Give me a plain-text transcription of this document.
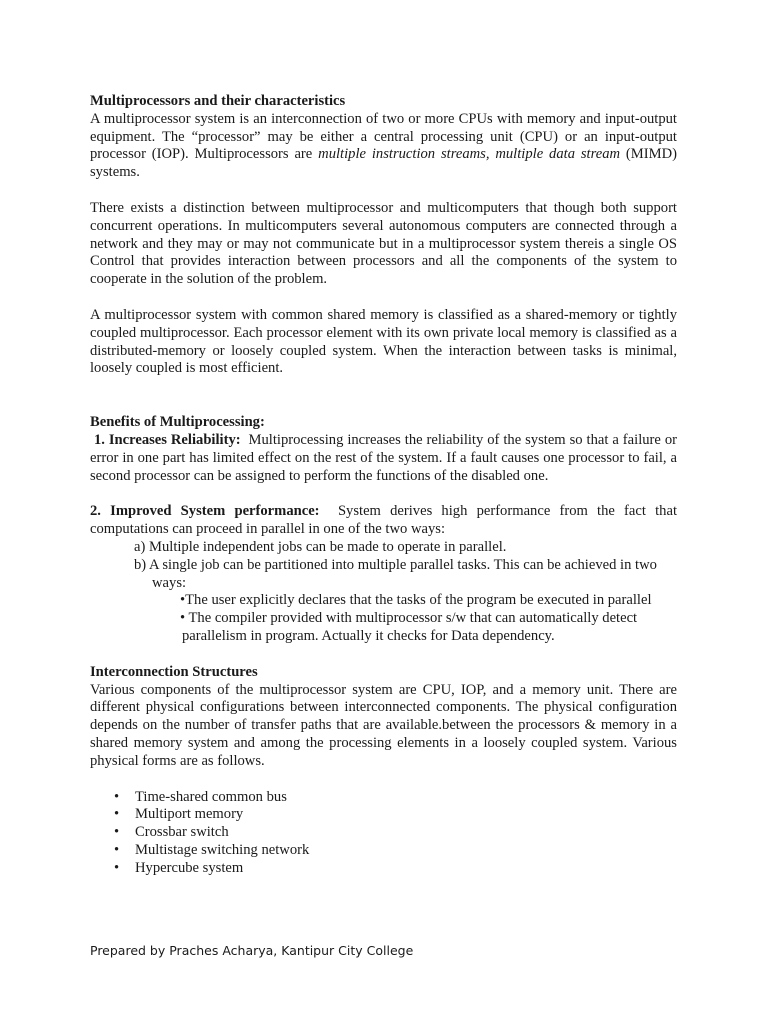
Multiprocessors and their characteristics

A multiprocessor system is an interconnection of two or more CPUs with memory and input-output equipment. The “processor” may be either a central processing unit (CPU) or an input-output processor (IOP). Multiprocessors are multiple instruction streams, multiple data stream (MIMD) systems.

There exists a distinction between multiprocessor and multicomputers that though both support concurrent operations. In multicomputers several autonomous computers are connected through a network and they may or may not communicate but in a multiprocessor system thereis a single OS Control that provides interaction between processors and all the components of the system to cooperate in the solution of the problem.

A multiprocessor system with common shared memory is classified as a shared-memory or tightly coupled multiprocessor. Each processor element with its own private local memory is classified as a distributed-memory or loosely coupled system. When the interaction between tasks is minimal, loosely coupled is most efficient.

Benefits of Multiprocessing:

1. Increases Reliability: Multiprocessing increases the reliability of the system so that a failure or error in one part has limited effect on the rest of the system. If a fault causes one processor to fail, a second processor can be assigned to perform the functions of the disabled one.

2. Improved System performance: System derives high performance from the fact that computations can proceed in parallel in one of the two ways:

a) Multiple independent jobs can be made to operate in parallel.
b) A single job can be partitioned into multiple parallel tasks. This can be achieved in two
ways:
•The user explicitly declares that the tasks of the program be executed in parallel
• The compiler provided with multiprocessor s/w that can automatically detect
parallelism in program. Actually it checks for Data dependency.

Interconnection Structures

Various components of the multiprocessor system are CPU, IOP, and a memory unit. There are different physical configurations between interconnected components. The physical configuration depends on the number of transfer paths that are available.between the processors & memory in a shared memory system and among the processing elements in a loosely coupled system. Various physical forms are as follows.

• Time-shared common bus
• Multiport memory
• Crossbar switch
• Multistage switching network
• Hypercube system
Prepared by Praches Acharya, Kantipur City College
